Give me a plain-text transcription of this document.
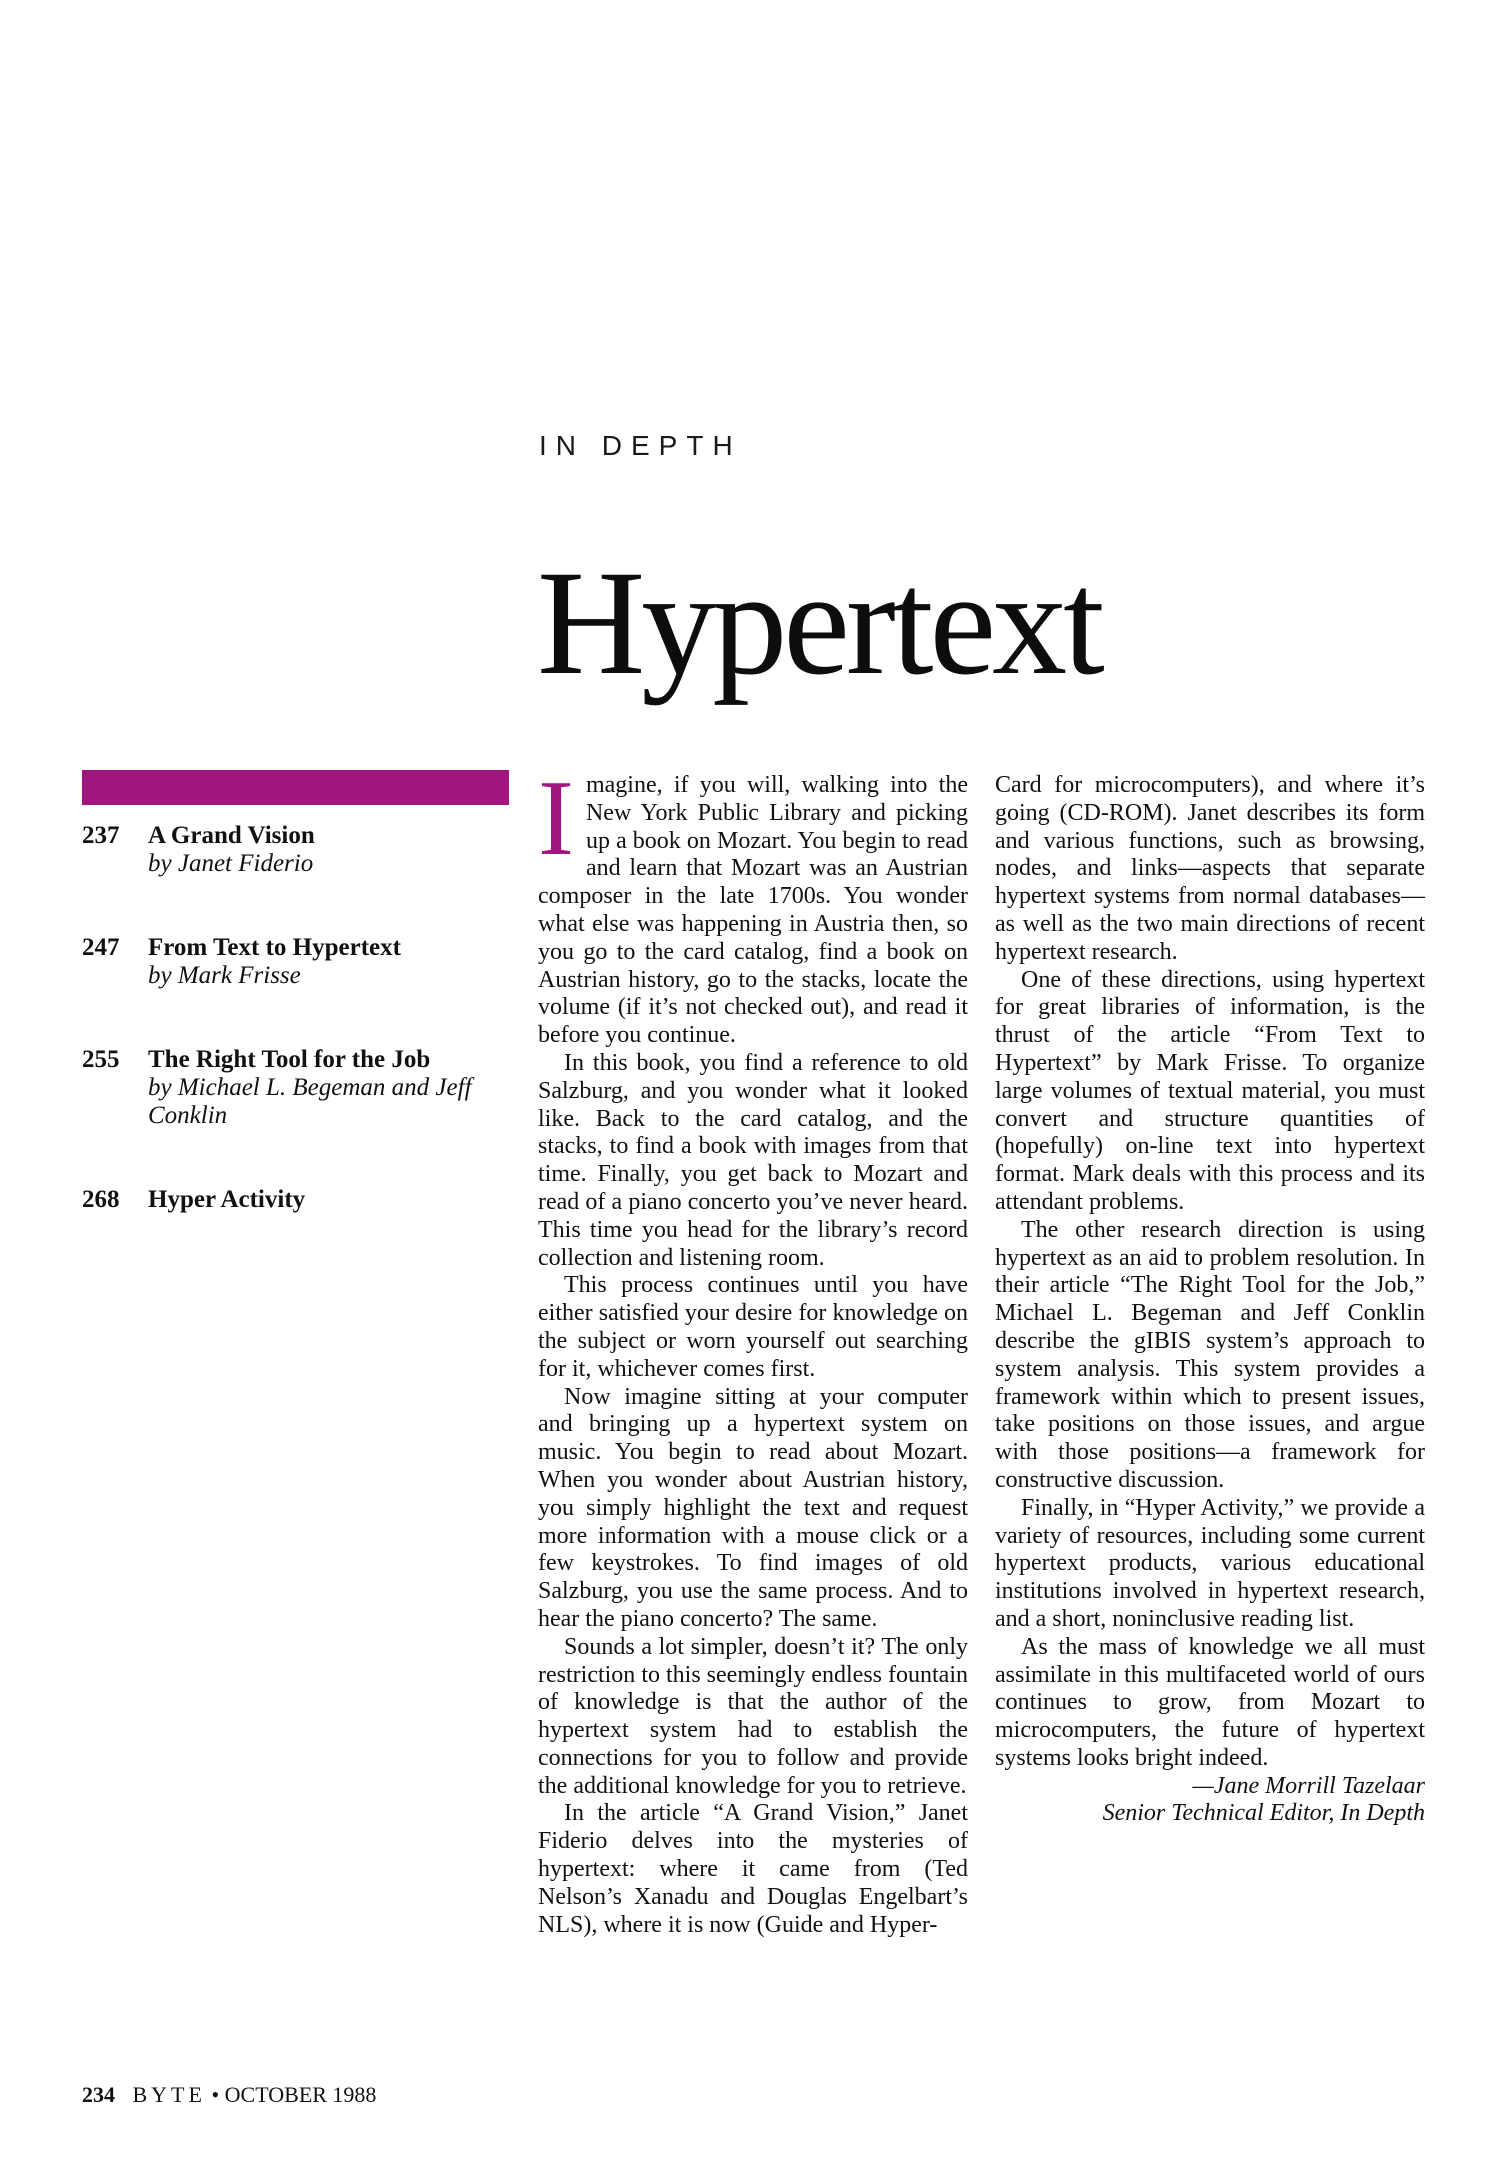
IN DEPTH
Hypertext
237 A Grand Vision
by Janet Fiderio
247 From Text to Hypertext
by Mark Frisse
255 The Right Tool for the Job
by Michael L. Begeman and Jeff Conklin
268 Hyper Activity

Imagine, if you will, walking into the New York Public Library and picking up a book on Mozart. You begin to read and learn that Mozart was an Austrian composer in the late 1700s. You wonder what else was happening in Austria then, so you go to the card catalog, find a book on Austrian history, go to the stacks, locate the volume (if it’s not checked out), and read it before you continue.

In this book, you find a reference to old Salzburg, and you wonder what it looked like. Back to the card catalog, and the stacks, to find a book with images from that time. Finally, you get back to Mozart and read of a piano concerto you’ve never heard. This time you head for the library’s record collection and listening room.

This process continues until you have either satisfied your desire for knowledge on the subject or worn yourself out searching for it, whichever comes first.

Now imagine sitting at your computer and bringing up a hypertext system on music. You begin to read about Mozart. When you wonder about Austrian history, you simply highlight the text and request more information with a mouse click or a few keystrokes. To find images of old Salzburg, you use the same process. And to hear the piano concerto? The same.

Sounds a lot simpler, doesn’t it? The only restriction to this seemingly endless fountain of knowledge is that the author of the hypertext system had to establish the connections for you to follow and provide the additional knowledge for you to retrieve.

In the article “A Grand Vision,” Janet Fiderio delves into the mysteries of hypertext: where it came from (Ted Nelson’s Xanadu and Douglas Engelbart’s NLS), where it is now (Guide and Hyper-

Card for microcomputers), and where it’s going (CD-ROM). Janet describes its form and various functions, such as browsing, nodes, and links—aspects that separate hypertext systems from normal databases—as well as the two main directions of recent hypertext research.

One of these directions, using hypertext for great libraries of information, is the thrust of the article “From Text to Hypertext” by Mark Frisse. To organize large volumes of textual material, you must convert and structure quantities of (hopefully) on-line text into hypertext format. Mark deals with this process and its attendant problems.

The other research direction is using hypertext as an aid to problem resolution. In their article “The Right Tool for the Job,” Michael L. Begeman and Jeff Conklin describe the gIBIS system’s approach to system analysis. This system provides a framework within which to present issues, take positions on those issues, and argue with those positions—a framework for constructive discussion.

Finally, in “Hyper Activity,” we provide a variety of resources, including some current hypertext products, various educational institutions involved in hypertext research, and a short, noninclusive reading list.

As the mass of knowledge we all must assimilate in this multifaceted world of ours continues to grow, from Mozart to microcomputers, the future of hypertext systems looks bright indeed.

—Jane Morrill Tazelaar

Senior Technical Editor, In Depth

234 BYTE • OCTOBER 1988
